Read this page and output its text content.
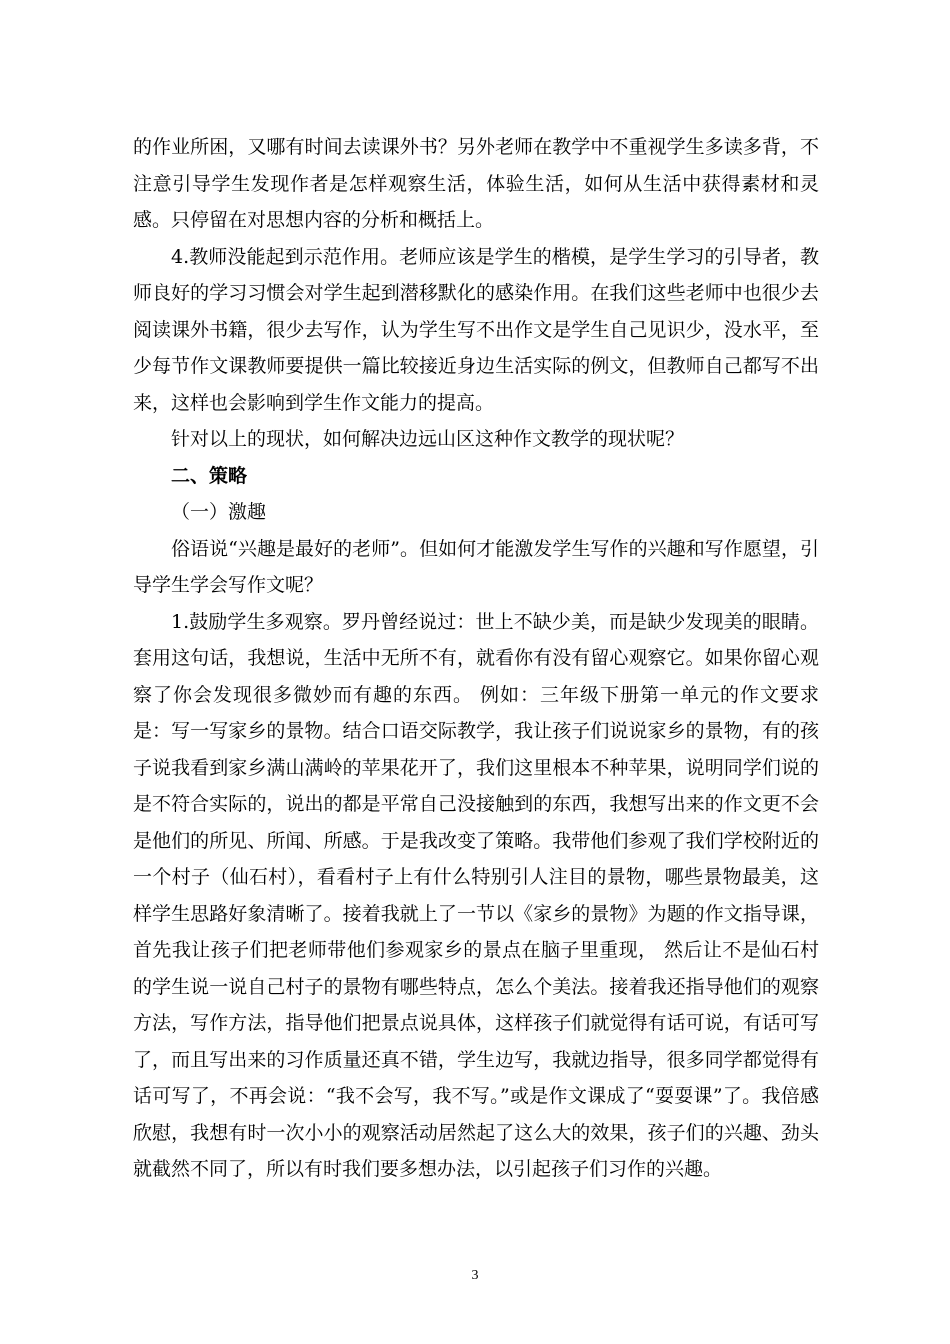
的作业所困，又哪有时间去读课外书？另外老师在教学中不重视学生多读多背，不注意引导学生发现作者是怎样观察生活，体验生活，如何从生活中获得素材和灵感。只停留在对思想内容的分析和概括上。

4.教师没能起到示范作用。老师应该是学生的楷模，是学生学习的引导者，教师良好的学习习惯会对学生起到潜移默化的感染作用。在我们这些老师中也很少去阅读课外书籍，很少去写作，认为学生写不出作文是学生自己见识少，没水平，至少每节作文课教师要提供一篇比较接近身边生活实际的例文，但教师自己都写不出来，这样也会影响到学生作文能力的提高。

针对以上的现状，如何解决边远山区这种作文教学的现状呢？

二、策略

（一）激趣

俗语说“兴趣是最好的老师”。但如何才能激发学生写作的兴趣和写作愿望，引导学生学会写作文呢？

1.鼓励学生多观察。罗丹曾经说过：世上不缺少美，而是缺少发现美的眼睛。套用这句话，我想说，生活中无所不有，就看你有没有留心观察它。如果你留心观察了你会发现很多微妙而有趣的东西。 例如：三年级下册第一单元的作文要求是：写一写家乡的景物。结合口语交际教学，我让孩子们说说家乡的景物，有的孩子说我看到家乡满山满岭的苹果花开了，我们这里根本不种苹果，说明同学们说的是不符合实际的，说出的都是平常自己没接触到的东西，我想写出来的作文更不会是他们的所见、所闻、所感。于是我改变了策略。我带他们参观了我们学校附近的一个村子（仙石村），看看村子上有什么特别引人注目的景物，哪些景物最美，这样学生思路好象清晰了。接着我就上了一节以《家乡的景物》为题的作文指导课，首先我让孩子们把老师带他们参观家乡的景点在脑子里重现， 然后让不是仙石村的学生说一说自己村子的景物有哪些特点，怎么个美法。接着我还指导他们的观察方法，写作方法，指导他们把景点说具体，这样孩子们就觉得有话可说，有话可写了，而且写出来的习作质量还真不错，学生边写，我就边指导，很多同学都觉得有话可写了，不再会说：“我不会写，我不写。”或是作文课成了“耍耍课”了。我倍感欣慰，我想有时一次小小的观察活动居然起了这么大的效果，孩子们的兴趣、劲头就截然不同了，所以有时我们要多想办法，以引起孩子们习作的兴趣。

3
